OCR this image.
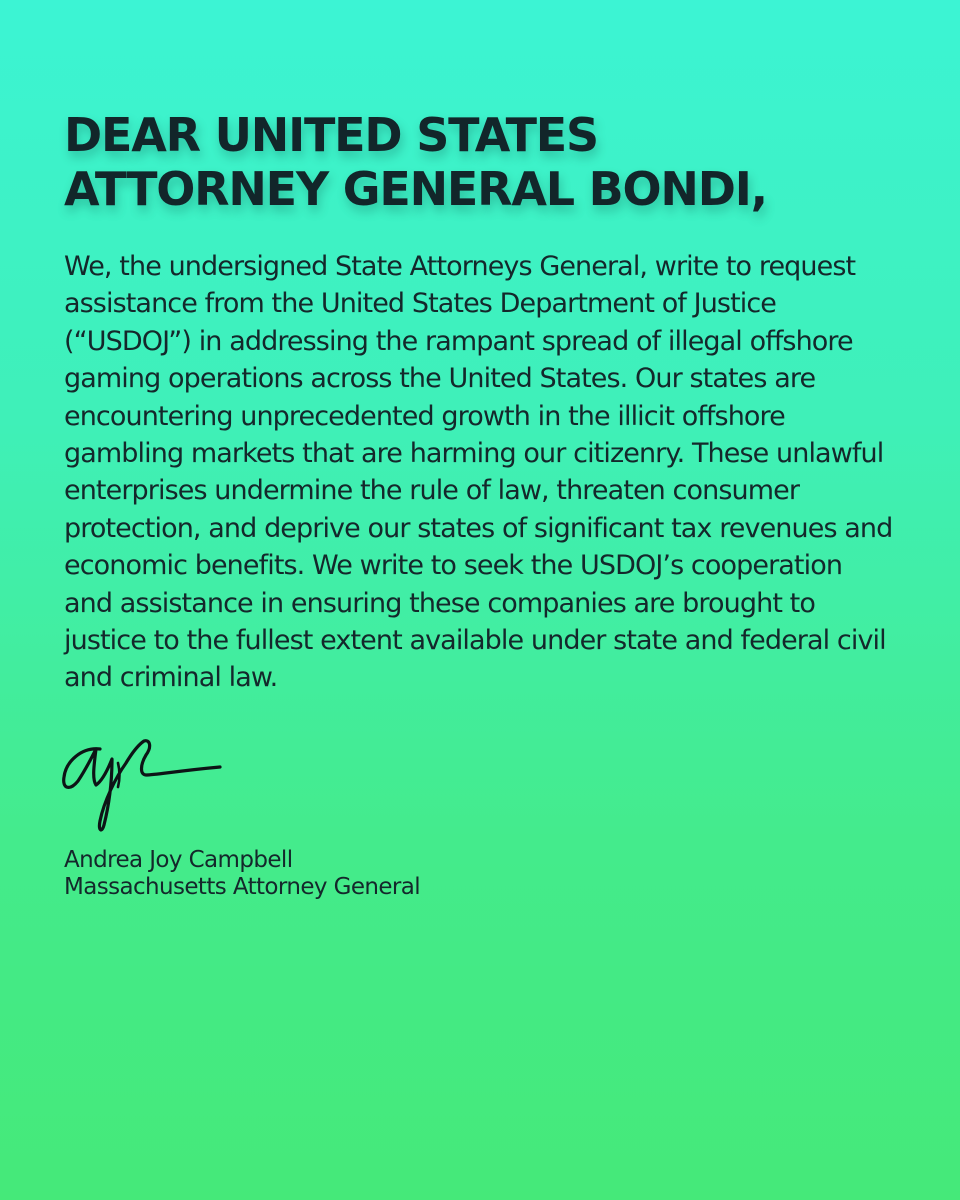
DEAR UNITED STATES
ATTORNEY GENERAL BONDI,

We, the undersigned State Attorneys General, write to request assistance from the United States Department of Justice (“USDOJ”) in addressing the rampant spread of illegal offshore gaming operations across the United States. Our states are encountering unprecedented growth in the illicit offshore gambling markets that are harming our citizenry. These unlawful enterprises undermine the rule of law, threaten consumer protection, and deprive our states of significant tax revenues and economic benefits. We write to seek the USDOJ’s cooperation and assistance in ensuring these companies are brought to justice to the fullest extent available under state and federal civil and criminal law.

Andrea Joy Campbell
Massachusetts Attorney General
